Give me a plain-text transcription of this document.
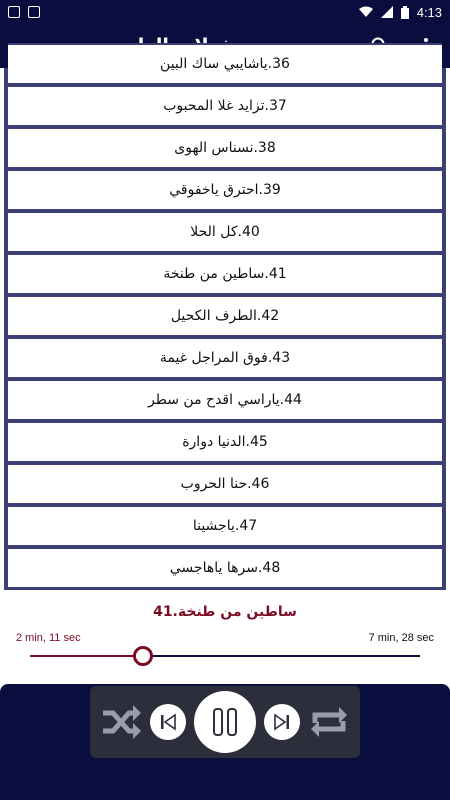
4:13
36.ياشايبي ساك البين
37.تزايد غلا المحبوب
38.نسناس الهوى
39.احترق ياخفوقي
40.كل الحلا
41.ساطين من طنخة
42.الطرف الكحيل
43.فوق المراجل غيمة
44.ياراسي اقدح من سطر
45.الدنيا دوارة
46.حنا الحروب
47.ياجشينا
48.سرها ياهاجسي
41.ساطين من طنخة
2 min, 11 sec	7 min, 28 sec
